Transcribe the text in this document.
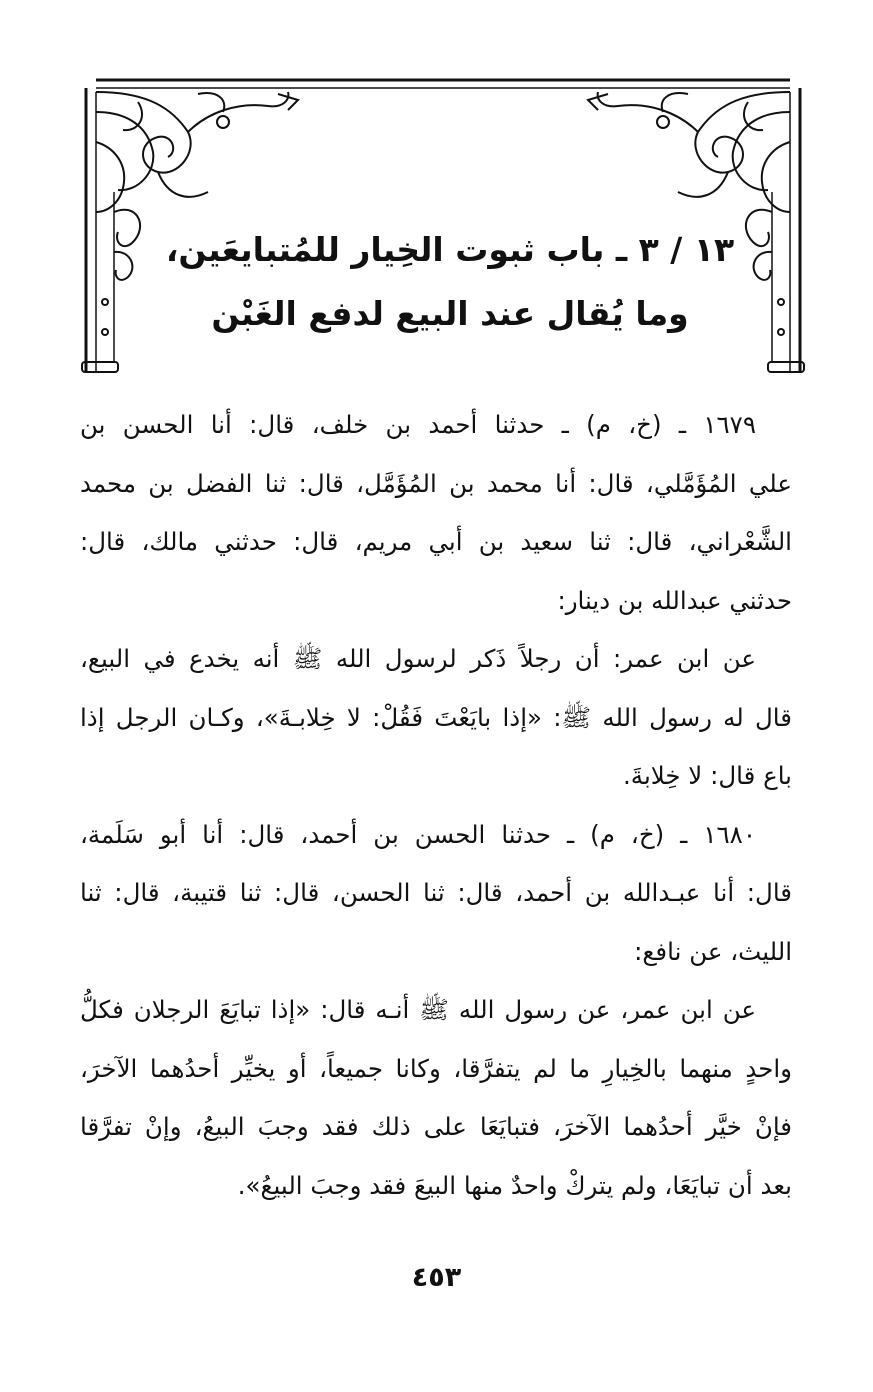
١٣ / ٣ ـ باب ثبوت الخِيار للمُتبايعَين،
وما يُقال عند البيع لدفع الغَبْن

١٦٧٩ ـ (خ، م) ـ حدثنا أحمد بن خلف، قال: أنا الحسن بن
علي المُؤَمَّلي، قال: أنا محمد بن المُؤَمَّل، قال: ثنا الفضل بن محمد
الشَّعْراني، قال: ثنا سعيد بن أبي مريم، قال: حدثني مالك، قال:
حدثني عبدالله بن دينار:

عن ابن عمر: أن رجلاً ذَكر لرسول الله ﷺ أنه يخدع في البيع،
قال له رسول الله ﷺ: «إذا بايَعْتَ فَقُلْ: لا خِلابـةَ»، وكـان الرجل إذا
باع قال: لا خِلابةَ.

١٦٨٠ ـ (خ، م) ـ حدثنا الحسن بن أحمد، قال: أنا أبو سَلَمة،
قال: أنا عبـدالله بن أحمد، قال: ثنا الحسن، قال: ثنا قتيبة، قال: ثنا
الليث، عن نافع:

عن ابن عمر، عن رسول الله ﷺ أنـه قال: «إذا تبايَعَ الرجلان فكلُّ
واحدٍ منهما بالخِيارِ ما لم يتفرَّقا، وكانا جميعاً، أو يخيِّر أحدُهما الآخرَ،
فإنْ خيَّر أحدُهما الآخرَ، فتبايَعَا على ذلك فقد وجبَ البيعُ، وإنْ تفرَّقا
بعد أن تبايَعَا، ولم يتركْ واحدٌ منها البيعَ فقد وجبَ البيعُ».

٤٥٣
